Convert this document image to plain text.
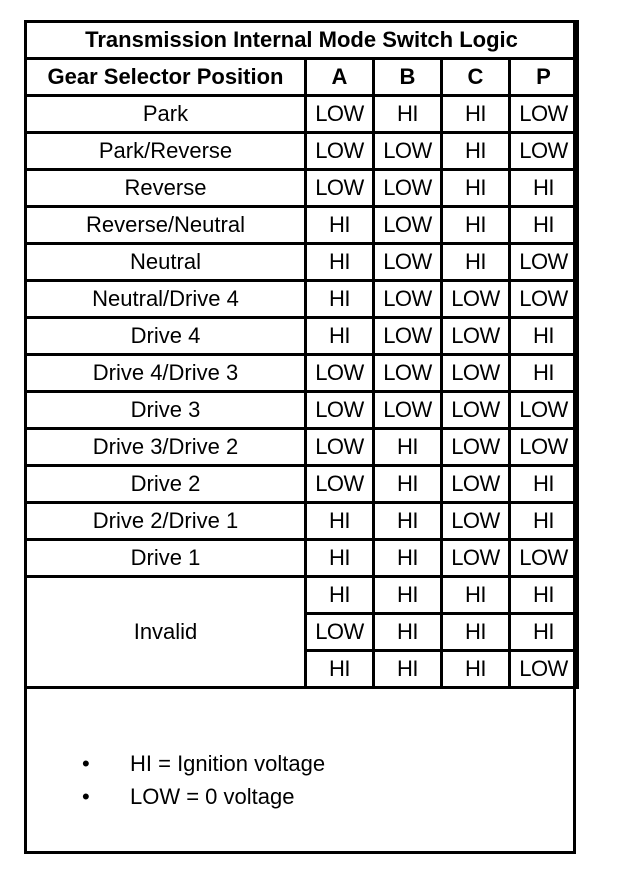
Transmission Internal Mode Switch Logic				
Gear Selector Position	A	B	C	P
Park	LOW	HI	HI	LOW
Park/Reverse	LOW	LOW	HI	LOW
Reverse	LOW	LOW	HI	HI
Reverse/Neutral	HI	LOW	HI	HI
Neutral	HI	LOW	HI	LOW
Neutral/Drive 4	HI	LOW	LOW	LOW
Drive 4	HI	LOW	LOW	HI
Drive 4/Drive 3	LOW	LOW	LOW	HI
Drive 3	LOW	LOW	LOW	LOW
Drive 3/Drive 2	LOW	HI	LOW	LOW
Drive 2	LOW	HI	LOW	HI
Drive 2/Drive 1	HI	HI	LOW	HI
Drive 1	HI	HI	LOW	LOW
Invalid	HI	HI	HI	HI
	LOW	HI	HI	HI
	HI	HI	HI	LOW
• HI = Ignition voltage
• LOW = 0 voltage
